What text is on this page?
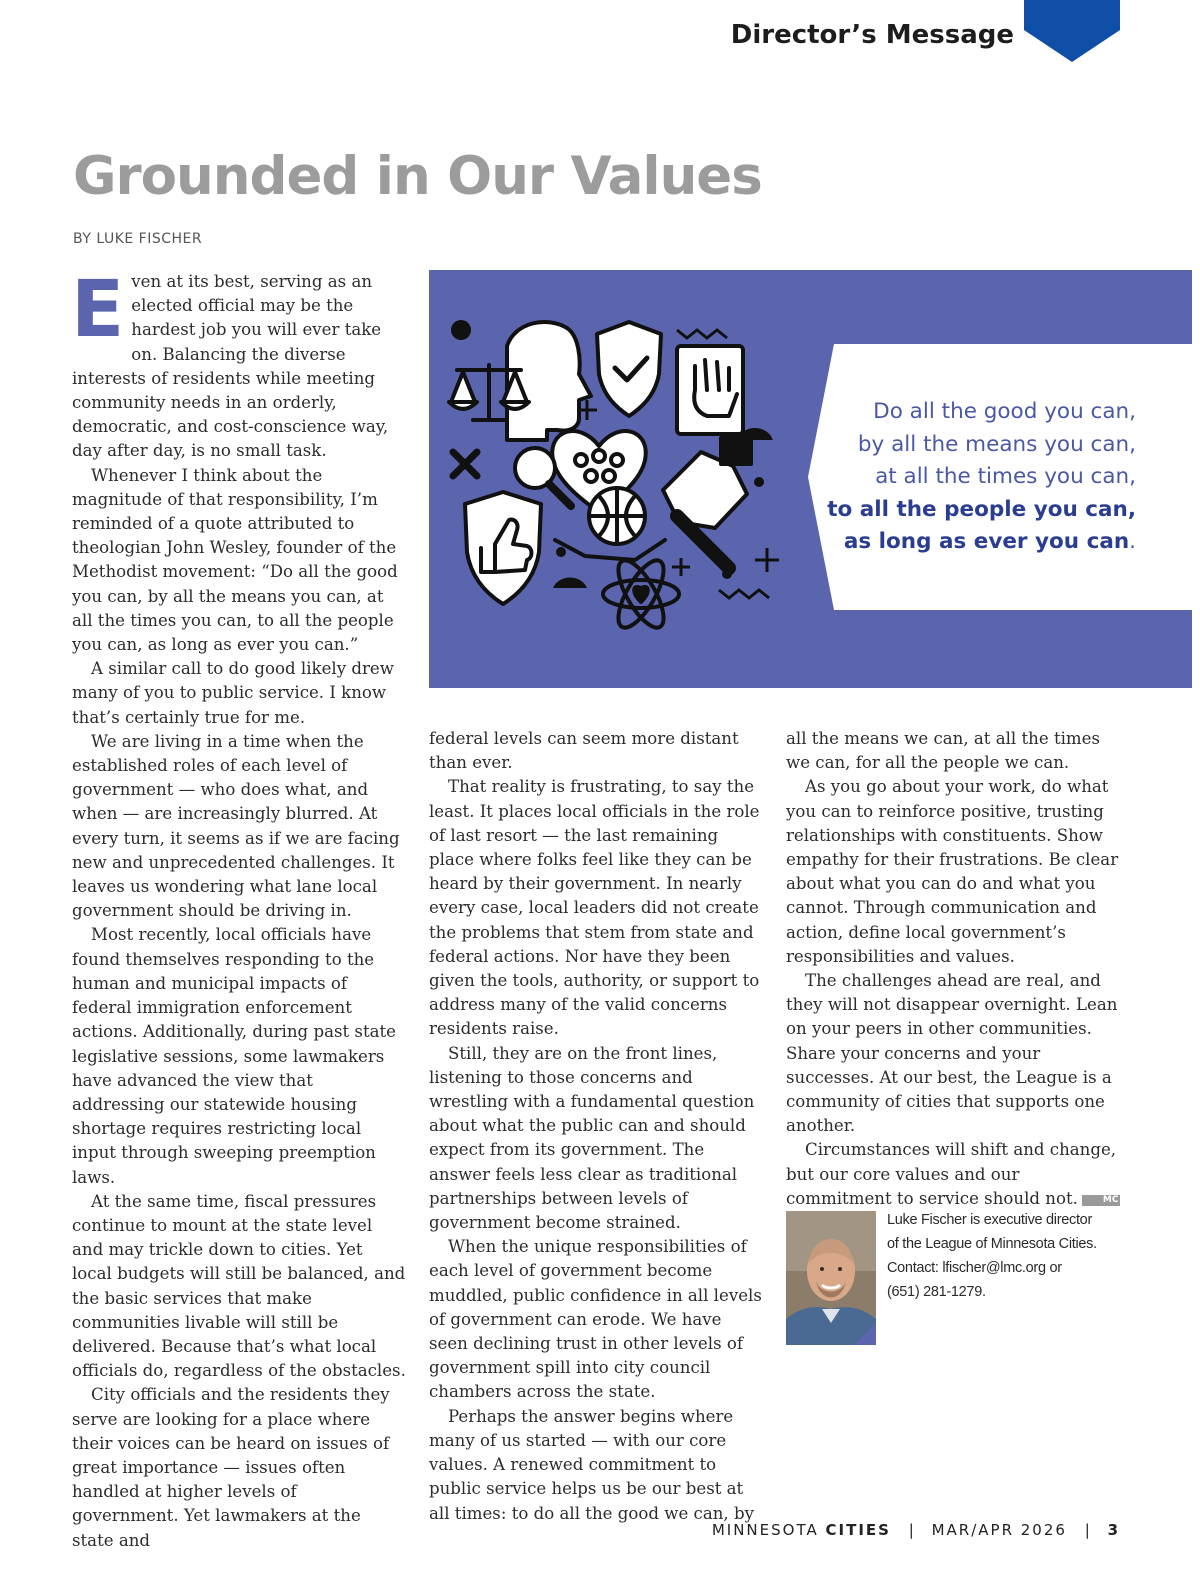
Director’s Message
Grounded in Our Values
BY LUKE FISCHER

Even at its best, serving as an elected official may be the hardest job you will ever take on. Balancing the diverse interests of residents while meeting community needs in an orderly, democratic, and cost-conscience way, day after day, is no small task.

Whenever I think about the magnitude of that responsibility, I’m reminded of a quote attributed to theologian John Wesley, founder of the Methodist movement: “Do all the good you can, by all the means you can, at all the times you can, to all the people you can, as long as ever you can.”

A similar call to do good likely drew many of you to public service. I know that’s certainly true for me.

We are living in a time when the established roles of each level of government — who does what, and when — are increasingly blurred. At every turn, it seems as if we are facing new and unprecedented challenges. It leaves us wondering what lane local government should be driving in.

Most recently, local officials have found themselves responding to the human and municipal impacts of federal immigration enforcement actions. Additionally, during past state legislative sessions, some lawmakers have advanced the view that addressing our statewide housing shortage requires restricting local input through sweeping preemption laws.

At the same time, fiscal pressures continue to mount at the state level and may trickle down to cities. Yet local budgets will still be balanced, and the basic services that make communities livable will still be delivered. Because that’s what local officials do, regardless of the obstacles.

City officials and the residents they serve are looking for a place where their voices can be heard on issues of great importance — issues often handled at higher levels of government. Yet lawmakers at the state and

Do all the good you can,
by all the means you can,
at all the times you can,
to all the people you can,
as long as ever you can.

federal levels can seem more distant than ever.

That reality is frustrating, to say the least. It places local officials in the role of last resort — the last remaining place where folks feel like they can be heard by their government. In nearly every case, local leaders did not create the problems that stem from state and federal actions. Nor have they been given the tools, authority, or support to address many of the valid concerns residents raise.

Still, they are on the front lines, listening to those concerns and wrestling with a fundamental question about what the public can and should expect from its government. The answer feels less clear as traditional partnerships between levels of government become strained.

When the unique responsibilities of each level of government become muddled, public confidence in all levels of government can erode. We have seen declining trust in other levels of government spill into city council chambers across the state.

Perhaps the answer begins where many of us started — with our core values. A renewed commitment to public service helps us be our best at all times: to do all the good we can, by

all the means we can, at all the times we can, for all the people we can.

As you go about your work, do what you can to reinforce positive, trusting relationships with constituents. Show empathy for their frustrations. Be clear about what you can do and what you cannot. Through communication and action, define local government’s responsibilities and values.

The challenges ahead are real, and they will not disappear overnight. Lean on your peers in other communities. Share your concerns and your successes. At our best, the League is a community of cities that supports one another.

Circumstances will shift and change, but our core values and our commitment to service should not.	MC

Luke Fischer is executive director
of the League of Minnesota Cities.
Contact: lfischer@lmc.org or
(651) 281-1279.
MINNESOTA CITIES | MAR/APR 2026 | 3
